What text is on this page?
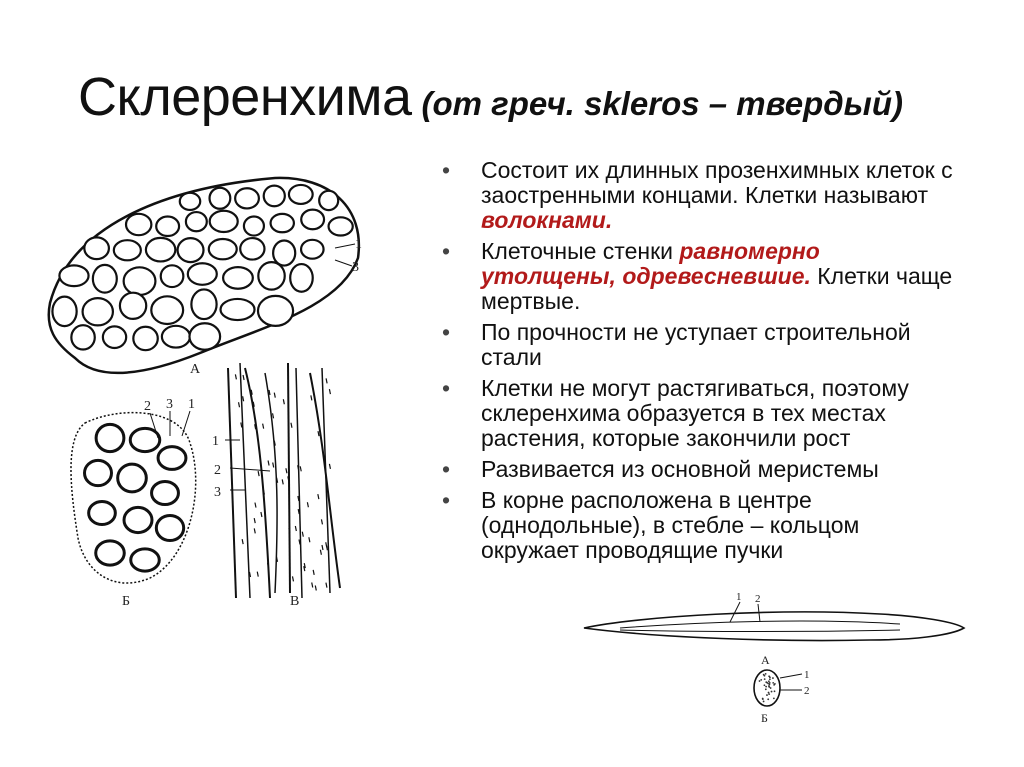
Склеренхима (от греч. skleros – твердый)
• Состоит их длинных прозенхимных клеток с заостренными концами. Клетки называют волокнами.
• Клеточные стенки равномерно утолщены, одревесневшие. Клетки чаще мертвые.
• По прочности не уступает строительной стали
• Клетки не могут растягиваться, поэтому склеренхима образуется в тех местах растения, которые закончили рост
• Развивается из основной меристемы
• В корне расположена в центре (однодольные), в стебле – кольцом окружает проводящие пучки
1
3
А
2 3 1
Б
1
2
3
В	1 2
А
1
2
Б
